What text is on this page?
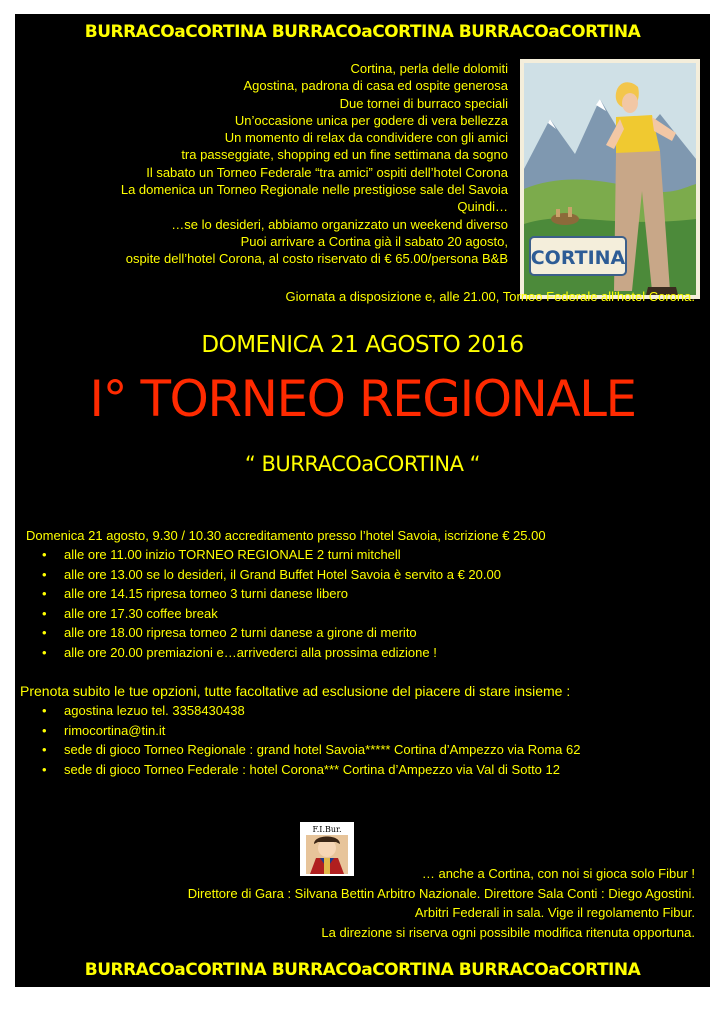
BURRACOaCORTINA BURRACOaCORTINA BURRACOaCORTINA
Cortina, perla delle dolomiti
Agostina, padrona di casa ed ospite generosa
Due tornei di burraco speciali
Un’occasione unica per godere di vera bellezza
Un momento di relax da condividere con gli amici
tra passeggiate, shopping ed un fine settimana da sogno
Il sabato un Torneo Federale “tra amici” ospiti dell’hotel Corona
La domenica un Torneo Regionale nelle prestigiose sale del Savoia
Quindi…
…se lo desideri, abbiamo organizzato un weekend diverso
Puoi arrivare a Cortina già il sabato 20 agosto,
ospite dell’hotel Corona, al costo riservato di € 65.00/persona B&B CORTINA
Giornata a disposizione e, alle 21.00, Torneo Federale all’hotel Corona.
DOMENICA 21 AGOSTO 2016
I° TORNEO REGIONALE
“ BURRACOaCORTINA “
Domenica 21 agosto, 9.30 / 10.30 accreditamento presso l’hotel Savoia, iscrizione € 25.00
• alle ore 11.00 inizio TORNEO REGIONALE 2 turni mitchell
• alle ore 13.00 se lo desideri, il Grand Buffet Hotel Savoia è servito a € 20.00
• alle ore 14.15 ripresa torneo 3 turni danese libero
• alle ore 17.30 coffee break
• alle ore 18.00 ripresa torneo 2 turni danese a girone di merito
• alle ore 20.00 premiazioni e…arrivederci alla prossima edizione !
Prenota subito le tue opzioni, tutte facoltative ad esclusione del piacere di stare insieme :
• agostina lezuo tel. 3358430438
• rimocortina@tin.it
• sede di gioco Torneo Regionale : grand hotel Savoia***** Cortina d’Ampezzo via Roma 62
• sede di gioco Torneo Federale : hotel Corona*** Cortina d’Ampezzo via Val di Sotto 12
F.I.Bur.
… anche a Cortina, con noi si gioca solo Fibur !
Direttore di Gara : Silvana Bettin Arbitro Nazionale. Direttore Sala Conti : Diego Agostini.
Arbitri Federali in sala. Vige il regolamento Fibur.
La direzione si riserva ogni possibile modifica ritenuta opportuna.
BURRACOaCORTINA BURRACOaCORTINA BURRACOaCORTINA
